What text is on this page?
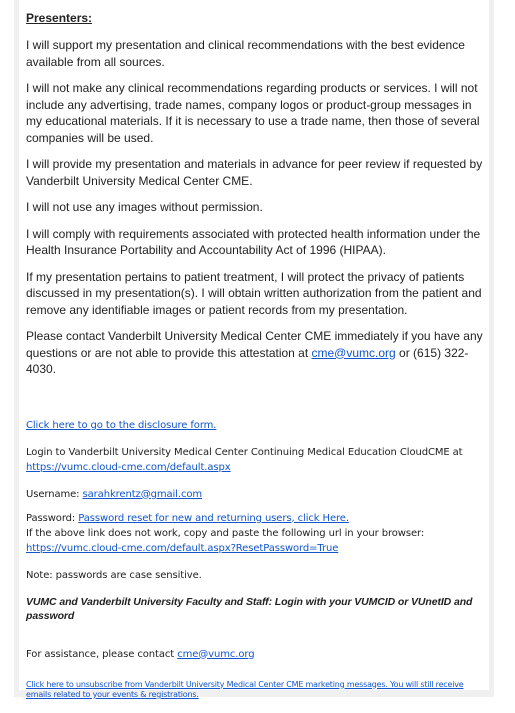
Presenters:

I will support my presentation and clinical recommendations with the best evidence available from all sources.

I will not make any clinical recommendations regarding products or services. I will not include any advertising, trade names, company logos or product-group messages in my educational materials. If it is necessary to use a trade name, then those of several companies will be used.

I will provide my presentation and materials in advance for peer review if requested by Vanderbilt University Medical Center CME.

I will not use any images without permission.

I will comply with requirements associated with protected health information under the Health Insurance Portability and Accountability Act of 1996 (HIPAA).

If my presentation pertains to patient treatment, I will protect the privacy of patients discussed in my presentation(s). I will obtain written authorization from the patient and remove any identifiable images or patient records from my presentation.

Please contact Vanderbilt University Medical Center CME immediately if you have any questions or are not able to provide this attestation at cme@vumc.org or (615) 322-4030.

Click here to go to the disclosure form.
Login to Vanderbilt University Medical Center Continuing Medical Education CloudCME at
https://vumc.cloud-cme.com/default.aspx
Username: sarahkrentz@gmail.com
Password: Password reset for new and returning users, click Here.
If the above link does not work, copy and paste the following url in your browser:
https://vumc.cloud-cme.com/default.aspx?ResetPassword=True
Note: passwords are case sensitive.
VUMC and Vanderbilt University Faculty and Staff: Login with your VUMCID or VUnetID and password
For assistance, please contact cme@vumc.org
Click here to unsubscribe from Vanderbilt University Medical Center CME marketing messages. You will still receive emails related to your events & registrations.
